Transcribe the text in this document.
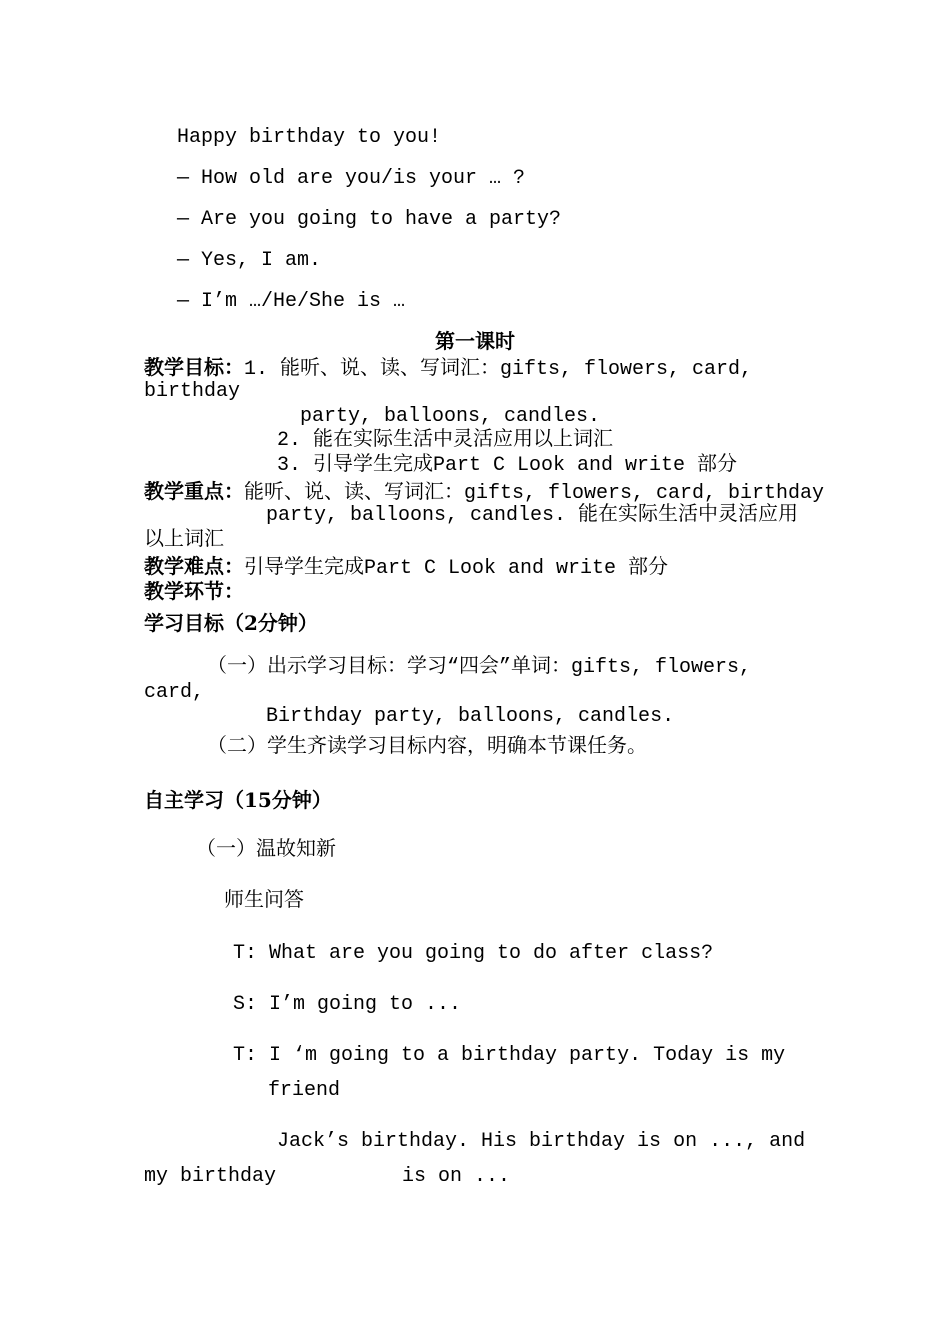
Happy birthday to you!
— How old are you/is your … ?
— Are you going to have a party?
— Yes, I am.
— I’m …/He/She is …
第一课时
教学目标：1. 能听、说、读、写词汇：gifts, flowers, card,
birthday
party, balloons, candles.
2. 能在实际生活中灵活应用以上词汇
3. 引导学生完成Part C Look and write 部分
教学重点：能听、说、读、写词汇：gifts, flowers, card, birthday
party, balloons, candles. 能在实际生活中灵活应用
以上词汇
教学难点：引导学生完成Part C Look and write 部分
教学环节：
学习目标（2分钟）
（一）出示学习目标：学习“四会”单词：gifts, flowers,
card,
Birthday party, balloons, candles.
（二）学生齐读学习目标内容，明确本节课任务。
自主学习（15分钟）
（一）温故知新
师生问答
T: What are you going to do after class?
S: I’m going to ...
T: I ‘m going to a birthday party. Today is my
friend
Jack’s birthday. His birthday is on ..., and
my birthday	is on ...
